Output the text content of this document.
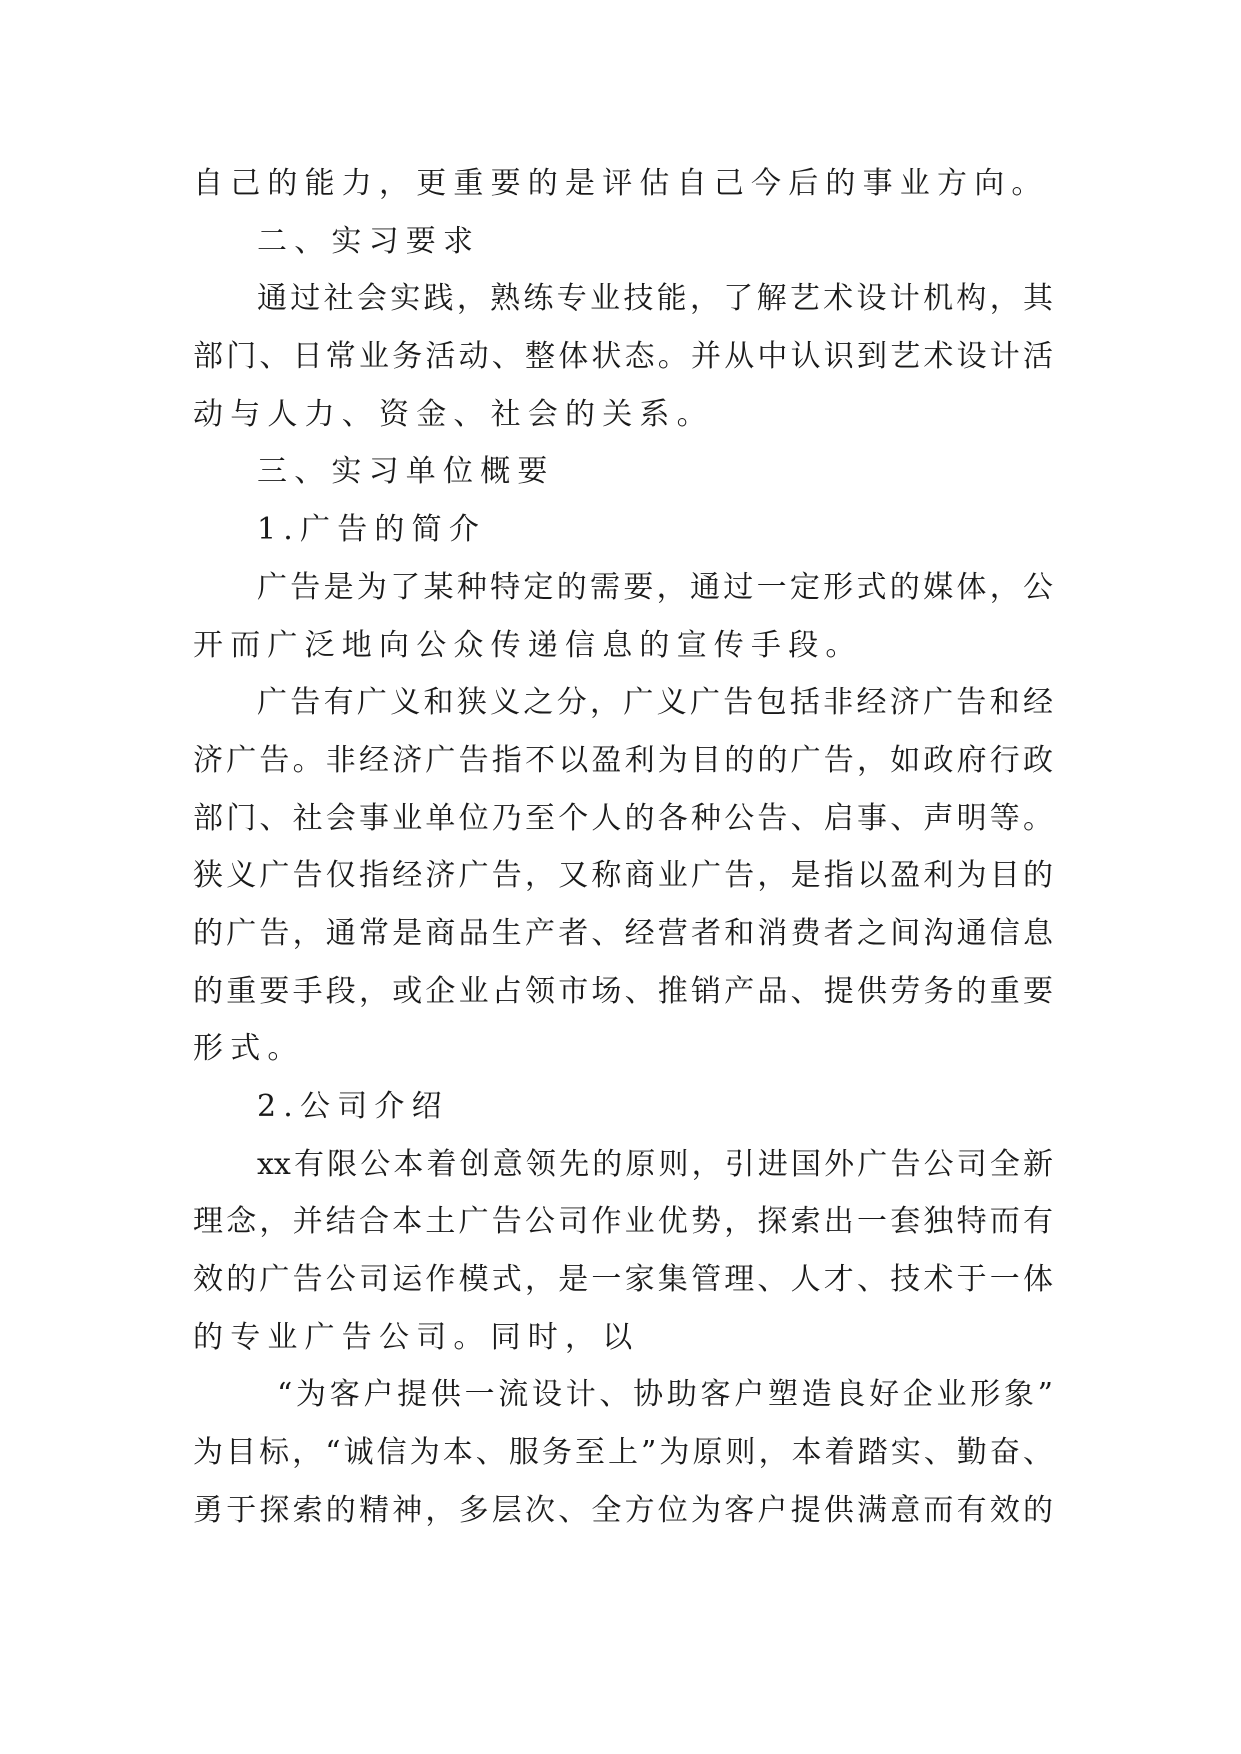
自己的能力，更重要的是评估自己今后的事业方向。
二、实习要求
通过社会实践，熟练专业技能，了解艺术设计机构，其
部门、日常业务活动、整体状态。并从中认识到艺术设计活
动与人力、资金、社会的关系。
三、实习单位概要
1.广告的简介
广告是为了某种特定的需要，通过一定形式的媒体，公
开而广泛地向公众传递信息的宣传手段。
广告有广义和狭义之分，广义广告包括非经济广告和经
济广告。非经济广告指不以盈利为目的的广告，如政府行政
部门、社会事业单位乃至个人的各种公告、启事、声明等。
狭义广告仅指经济广告，又称商业广告，是指以盈利为目的
的广告，通常是商品生产者、经营者和消费者之间沟通信息
的重要手段，或企业占领市场、推销产品、提供劳务的重要
形式。
2.公司介绍
xx有限公本着创意领先的原则，引进国外广告公司全新
理念，并结合本土广告公司作业优势，探索出一套独特而有
效的广告公司运作模式，是一家集管理、人才、技术于一体
的专业广告公司。同时，以
“为客户提供一流设计、协助客户塑造良好企业形象”
为目标，“诚信为本、服务至上”为原则，本着踏实、勤奋、
勇于探索的精神，多层次、全方位为客户提供满意而有效的
